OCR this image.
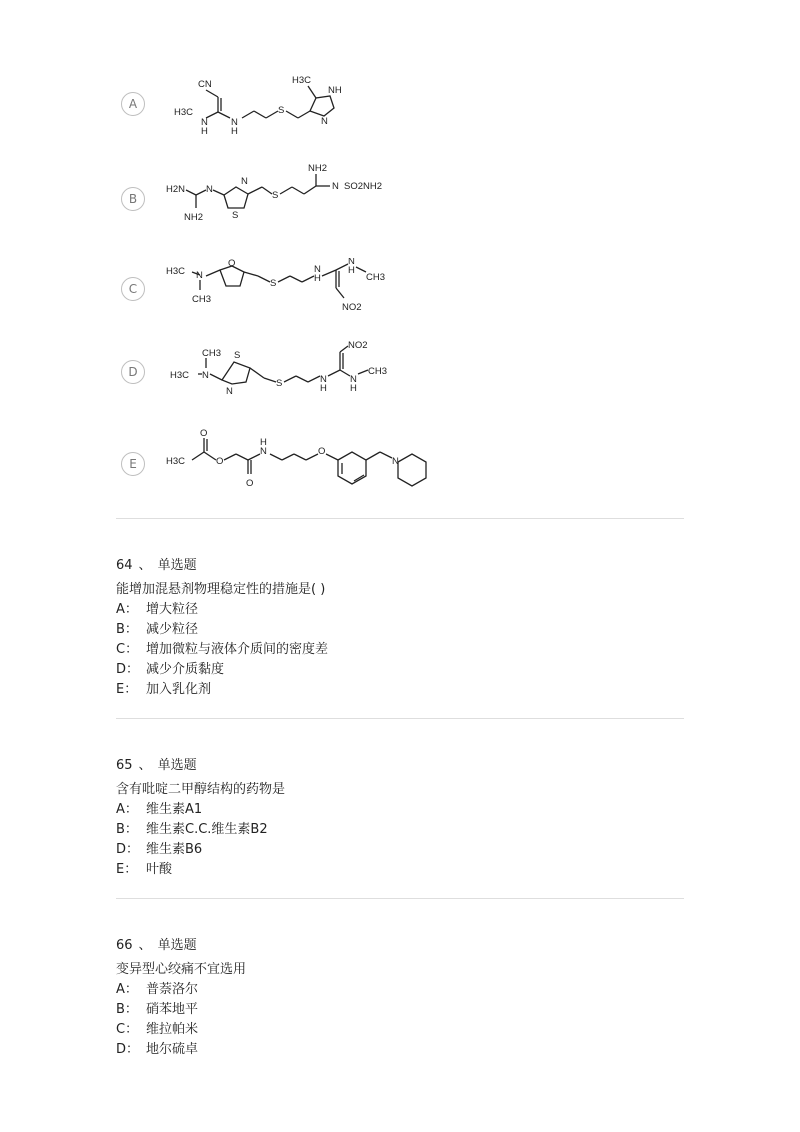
A
CN
H3C
N
H
N
H
S
H3C
NH
N
B
H2N N
NH2
N
S
S
NH2
N SO2NH2
C
H3C N
CH3
O
S
N
H
N
H
CH3
NO2
D
CH3
H3C N
S
N
S	N
H
NO2
N
H
CH3
E	H3C
O
O
O
N
H
O
N
64 、 单选题
能增加混悬剂物理稳定性的措施是( )
A： 增大粒径
B： 减少粒径
C： 增加微粒与液体介质间的密度差
D： 减少介质黏度
E： 加入乳化剂
65 、 单选题
含有吡啶二甲醇结构的药物是
A： 维生素A1
B： 维生素C.C.维生素B2
D： 维生素B6
E： 叶酸
66 、 单选题
变异型心绞痛不宜选用
A： 普萘洛尔
B： 硝苯地平
C： 维拉帕米
D： 地尔硫卓
